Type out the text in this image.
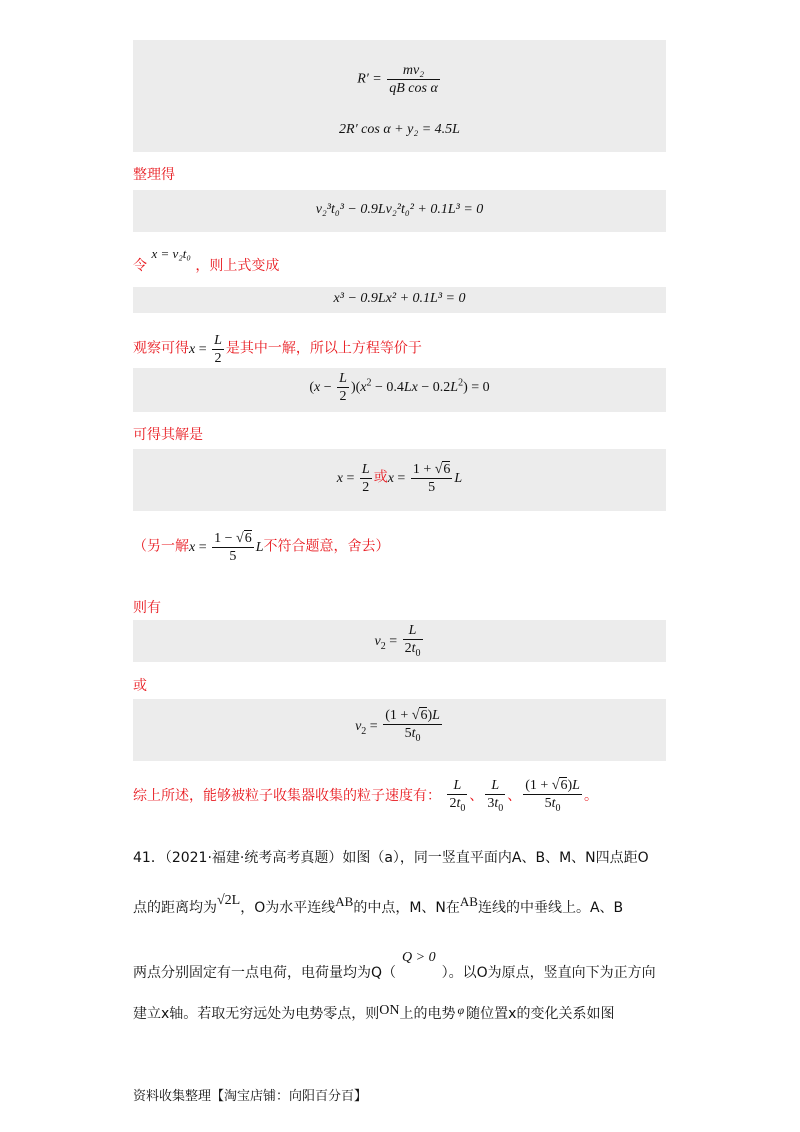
$R' = \frac{\text{mv₂}}{\text{qB cos α}}$
2R′ cos α + y₂ = 4.5L
整理得
v₂³t₀³ − 0.9Lv₂²t₀² + 0.1L³ = 0
令 x = v₂t₀ ，则上式变成
x³ − 0.9Lx² + 0.1L³ = 0
观察可得$x = \frac{L}{2}$ 是其中一解，所以上方程等价于
$(x - \frac{L}{2} )(x^2 - 0.4Lx - 0.2L^2) = 0$
可得其解是
$x = \frac{L}{2}$ 或$x = \frac{1 + √6}{5}$ L
（另一解$x = \frac{1 - √6}{5}$ L不符合题意，舍去）
则有
$v_2 = \frac{L}{2t_0}$
或
$v_2 = \frac{(1 + √6)L}{5t_0}$
综上所述，能够被粒子收集器收集的粒子速度有： $\frac{L}{2t_0}$ 、 $\frac{L}{3t_0}$ 、 $\frac{(1 + √6)L}{5t_0}$ 。
41．（2021·福建·统考高考真题）如图（a），同一竖直平面内A、B、M、N四点距O
点的距离均为√2L，O为水平连线AB的中点，M、N在AB连线的中垂线上。A、B
两点分别固定有一点电荷，电荷量均为Q（Q > 0）。以O为原点，竖直向下为正方向
建立x轴。若取无穷远处为电势零点，则ON上的电势 φ 随位置x的变化关系如图
资料收集整理【淘宝店铺：向阳百分百】
